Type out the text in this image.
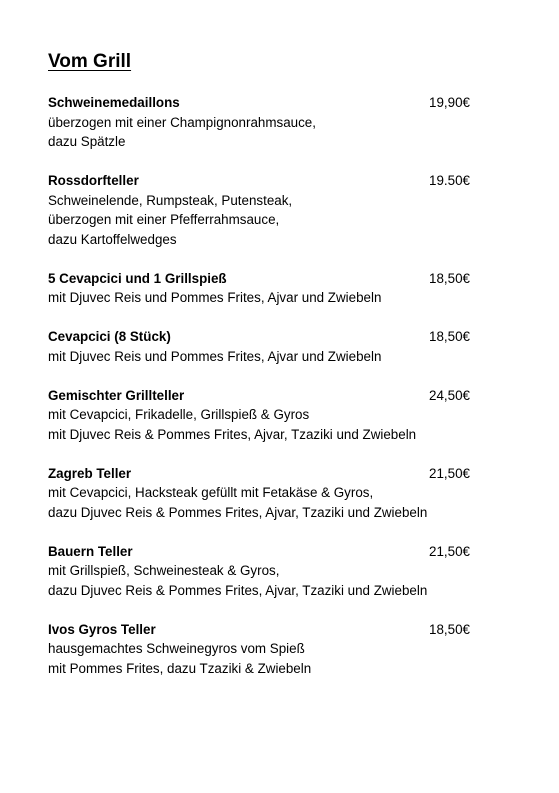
Vom Grill
Schweinemedaillons	19,90€
überzogen mit einer Champignonrahmsauce,
dazu Spätzle
Rossdorfteller	19.50€
Schweinelende, Rumpsteak, Putensteak,
überzogen mit einer Pfefferrahmsauce,
dazu Kartoffelwedges
5 Cevapcici und 1 Grillspieß	18,50€
mit Djuvec Reis und Pommes Frites, Ajvar und Zwiebeln
Cevapcici (8 Stück)	18,50€
mit Djuvec Reis und Pommes Frites, Ajvar und Zwiebeln
Gemischter Grillteller	24,50€
mit Cevapcici, Frikadelle, Grillspieß & Gyros
mit Djuvec Reis & Pommes Frites, Ajvar, Tzaziki und Zwiebeln
Zagreb Teller	21,50€
mit Cevapcici, Hacksteak gefüllt mit Fetakäse & Gyros,
dazu Djuvec Reis & Pommes Frites, Ajvar, Tzaziki und Zwiebeln
Bauern Teller	21,50€
mit Grillspieß, Schweinesteak & Gyros,
dazu Djuvec Reis & Pommes Frites, Ajvar, Tzaziki und Zwiebeln
Ivos Gyros Teller	18,50€
hausgemachtes Schweinegyros vom Spieß
mit Pommes Frites, dazu Tzaziki & Zwiebeln
